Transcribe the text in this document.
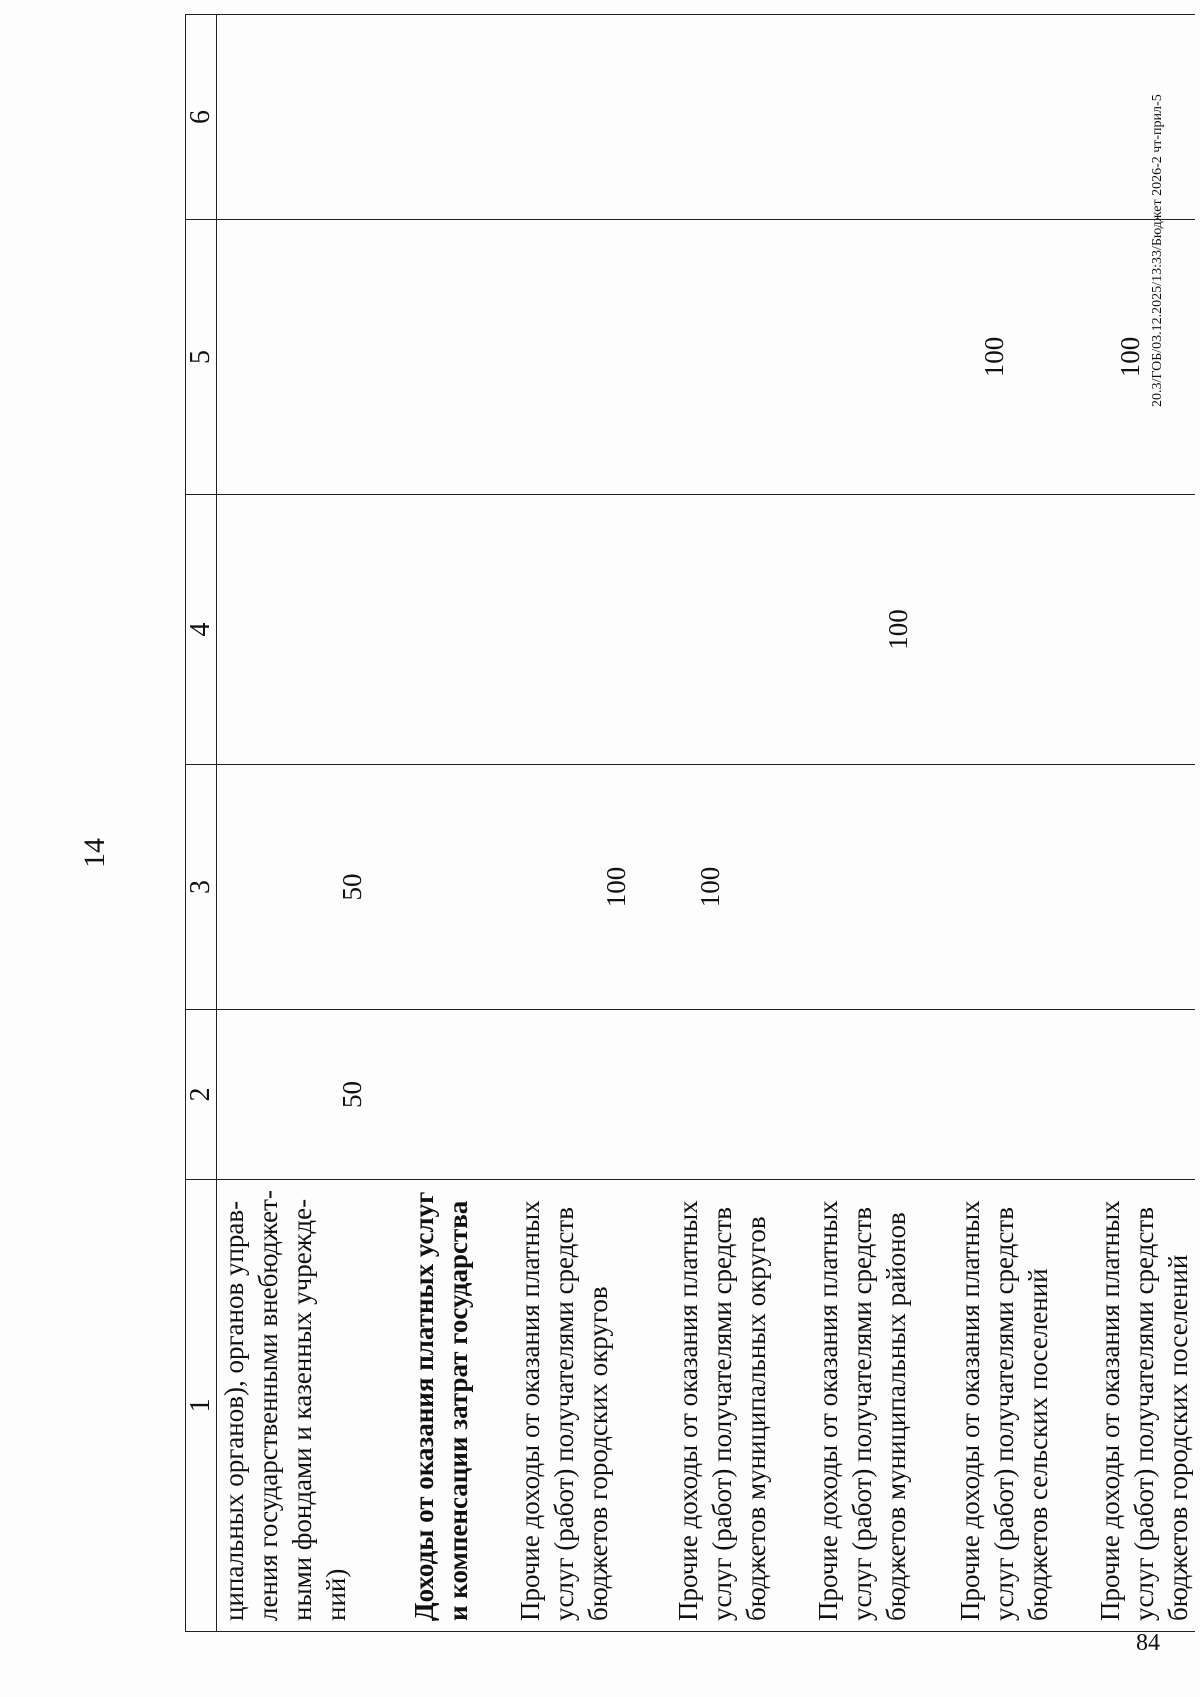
14
1	2	3	4	5	6

ципальных органов), органов управ- ления государственными внебюджет- ными фондами и казенных учрежде- ний)	50	50			

Доходы от оказания платных услуг и компенсации затрат государства					

Прочие доходы от оказания платных услуг (работ) получателями средств бюджетов городских округов		100			

Прочие доходы от оказания платных услуг (работ) получателями средств бюджетов муниципальных округов		100			

Прочие доходы от оказания платных услуг (работ) получателями средств бюджетов муниципальных районов			100		

Прочие доходы от оказания платных услуг (работ) получателями средств бюджетов сельских поселений				100	

Прочие доходы от оказания платных услуг (работ) получателями средств бюджетов городских поселений				100	
	20.3/ГОБ/03.12.2025/13:33/Бюджет 2026-2 чт-прил-5
84
